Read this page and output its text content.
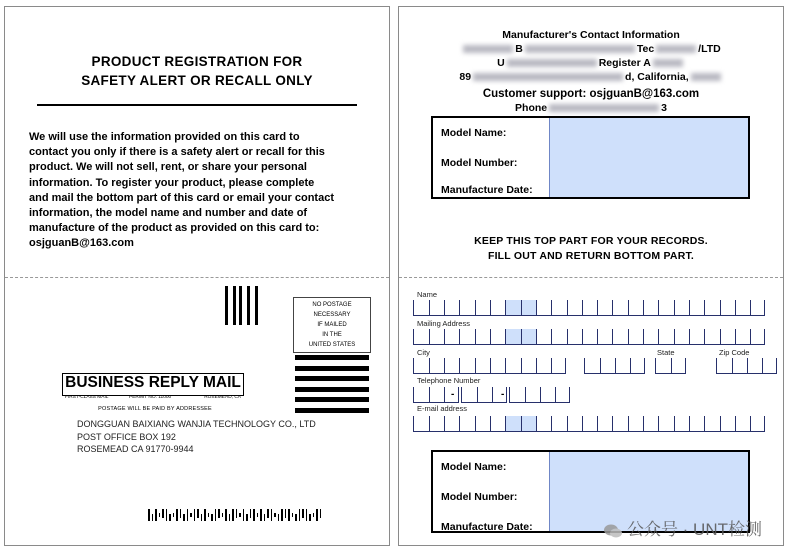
PRODUCT REGISTRATION FOR
SAFETY ALERT OR RECALL ONLY
We will use the information provided on this card to
contact you only if there is a safety alert or recall for this
product. We will not sell, rent, or share your personal
information. To register your product, please complete
and mail the bottom part of this card or email your contact
information, the model name and number and date of
manufacture of the product as provided on this card to:
osjguanB@163.com
NO POSTAGE
NECESSARY
IF MAILED
IN THE
UNITED STATES
BUSINESS REPLY MAIL
FIRST-CLASS MAIL	PERMIT NO. 11000	ROSEMEAD, CA
POSTAGE WILL BE PAID BY ADDRESSEE
DONGGUAN BAIXIANG WANJIA TECHNOLOGY CO., LTD
POST OFFICE BOX 192
ROSEMEAD CA 91770-9944
Manufacturer's Contact Information
B	Tec	/LTD
U	Register A
89	d, California,
Customer support: osjguanB@163.com
Phone	3
Model Name:
Model Number:
Manufacture Date:
KEEP THIS TOP PART FOR YOUR RECORDS.
FILL OUT AND RETURN BOTTOM PART.
Name
Mailing Address
City	State	Zip Code
Telephone Number
E-mail address
-	-
Model Name:
Model Number:
Manufacture Date:	公众号 · UNT检测
